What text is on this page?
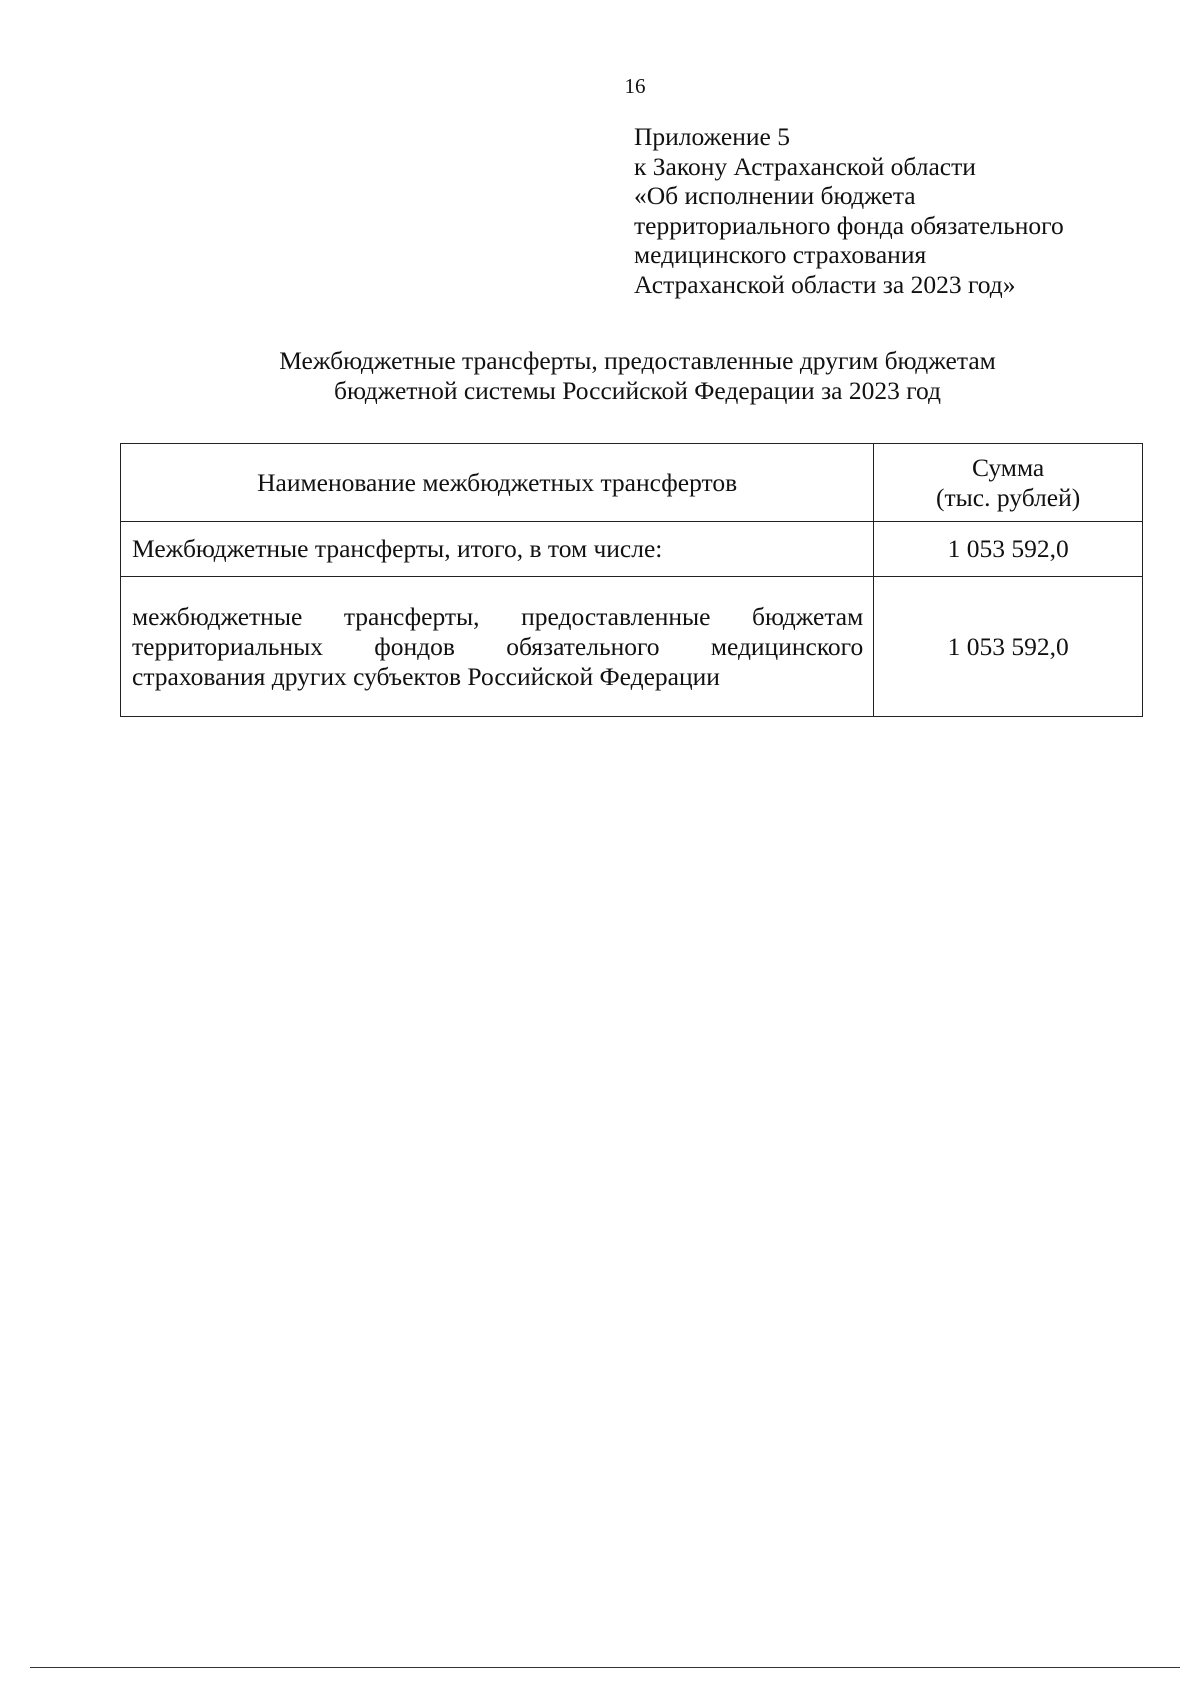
16
Приложение 5
к Закону Астраханской области
«Об исполнении бюджета
территориального фонда обязательного
медицинского страхования
Астраханской области за 2023 год»
Межбюджетные трансферты, предоставленные другим бюджетам
бюджетной системы Российской Федерации за 2023 год
Наименование межбюджетных трансфертов	Сумма
(тыс. рублей)

Межбюджетные трансферты, итого, в том числе:	1 053 592,0
межбюджетные трансферты, предоставленные бюджетам территориальных фондов обязательного медицинского страхования других субъектов Российской Федерации	1 053 592,0
